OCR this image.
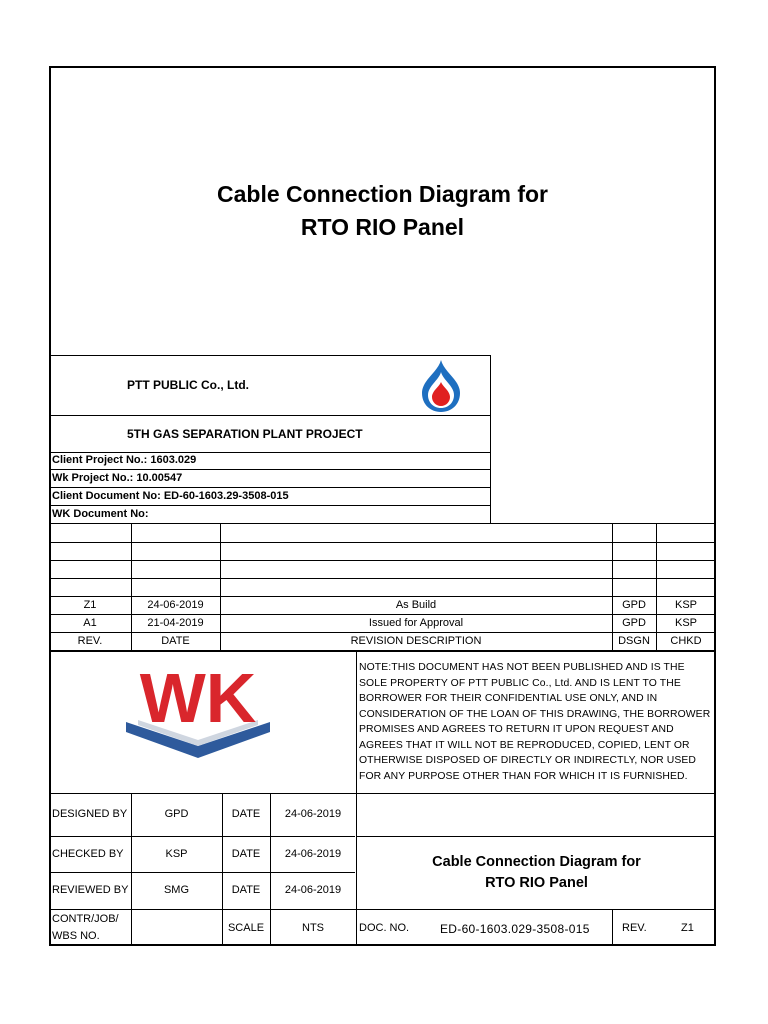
Cable Connection Diagram for
RTO RIO Panel
PTT PUBLIC Co., Ltd.
5TH GAS SEPARATION PLANT PROJECT
Client Project No.: 1603.029
Wk Project No.: 10.00547
Client Document No: ED-60-1603.29-3508-015
WK Document No:
Z1	24-06-2019	As Build	GPD	KSP
A1	21-04-2019	Issued for Approval	GPD	KSP
REV.	DATE	REVISION DESCRIPTION	DSGN	CHKD
WK	NOTE:THIS DOCUMENT HAS NOT BEEN PUBLISHED AND IS THE SOLE PROPERTY OF PTT PUBLIC Co., Ltd. AND IS LENT TO THE BORROWER FOR THEIR CONFIDENTIAL USE ONLY, AND IN CONSIDERATION OF THE LOAN OF THIS DRAWING, THE BORROWER PROMISES AND AGREES TO RETURN IT UPON REQUEST AND AGREES THAT IT WILL NOT BE REPRODUCED, COPIED, LENT OR OTHERWISE DISPOSED OF DIRECTLY OR INDIRECTLY, NOR USED FOR ANY PURPOSE OTHER THAN FOR WHICH IT IS FURNISHED.
DESIGNED BY	GPD	DATE	24-06-2019
CHECKED BY	KSP	DATE	24-06-2019
REVIEWED BY	SMG	DATE	24-06-2019
CONTR/JOB/
WBS NO.
SCALE	NTS	DOC. NO.	ED-60-1603.029-3508-015	REV.	Z1
Cable Connection Diagram for
RTO RIO Panel
